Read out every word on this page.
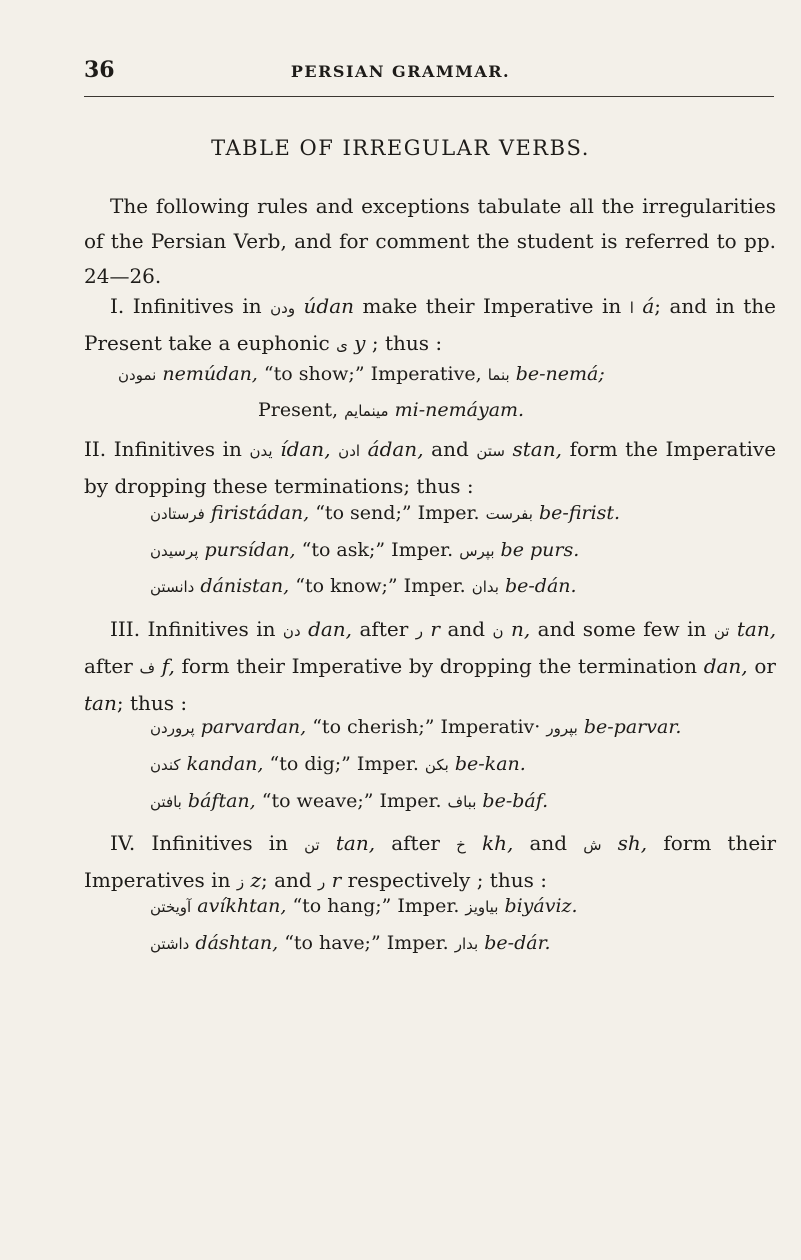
36	PERSIAN GRAMMAR.
TABLE OF IRREGULAR VERBS.
The following rules and exceptions tabulate all the irregularities of the Persian Verb, and for comment the student is referred to pp. 24—26.
I. Infinitives in ودن údan make their Imperative in ا á; and in the Present take a euphonic ی y ; thus :
نمودن nemúdan, “to show;” Imperative, بنما be-nemá;
Present, مینمایم mi-nemáyam.
II. Infinitives in یدن ídan, ادن ádan, and ستن stan, form the Imperative by dropping these terminations; thus :
فرستادن firistádan, “to send;” Imper. بفرست be-firist.
پرسیدن pursídan, “to ask;” Imper. بپرس be purs.
دانستن dánistan, “to know;” Imper. بدان be-dán.
III. Infinitives in دن dan, after ر r and ن n, and some few in تن tan, after ف f, form their Imperative by dropping the termination dan, or tan; thus :
پروردن parvardan, “to cherish;” Imperativ· بپرور be-parvar.
کندن kandan, “to dig;” Imper. بکن be-kan.
بافتن báftan, “to weave;” Imper. بباف be-báf.
IV. Infinitives in تن tan, after خ kh, and ش sh, form their Imperatives in ز z; and ر r respectively ; thus :
آویختن avíkhtan, “to hang;” Imper. بیاویز biyáviz.
داشتن dáshtan, “to have;” Imper. بدار be-dár.
